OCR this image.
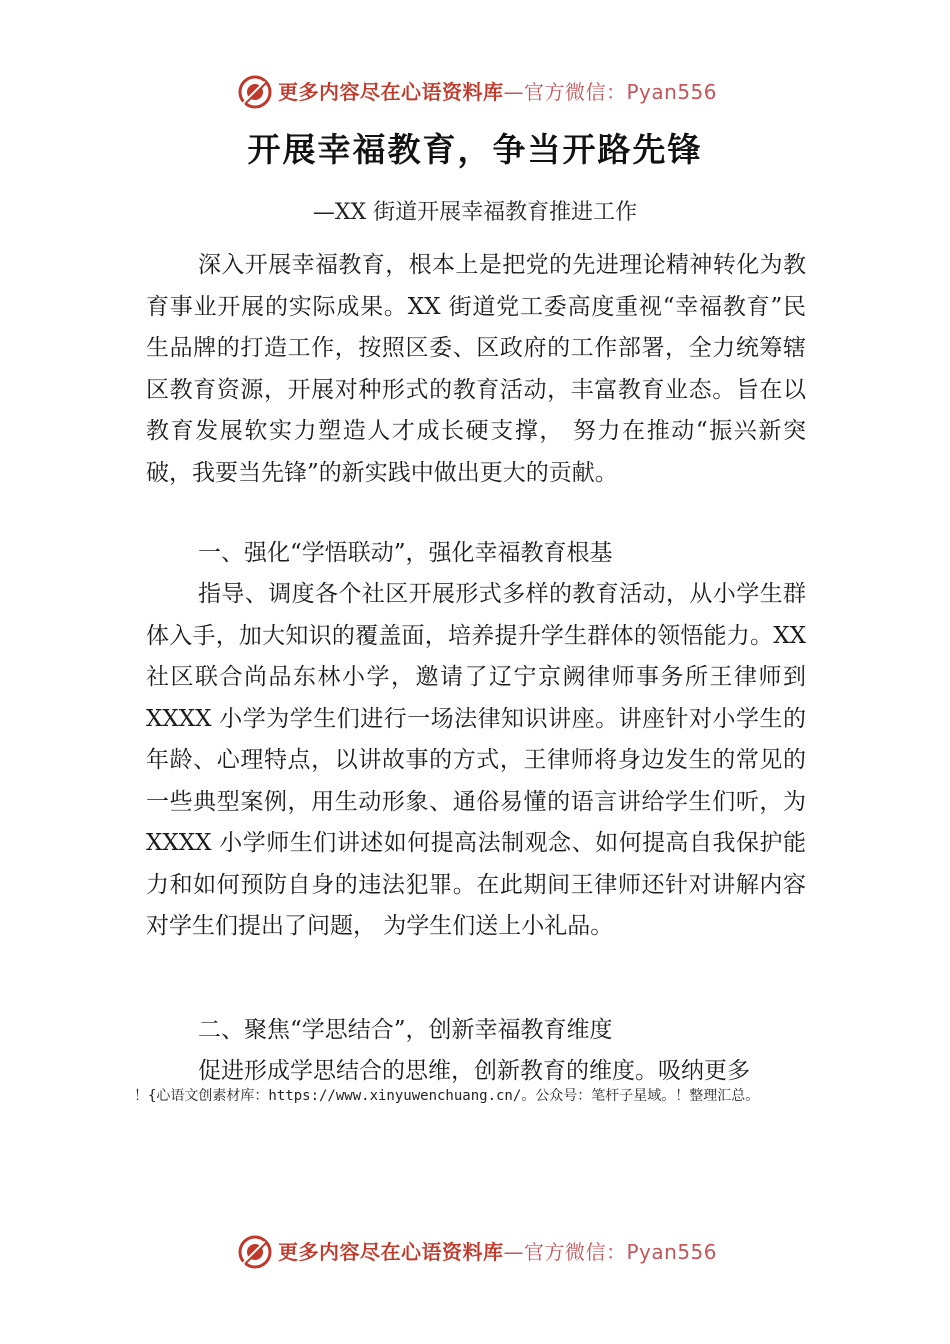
更多内容尽在心语资料库—官方微信：Pyan556
开展幸福教育，争当开路先锋
—XX 街道开展幸福教育推进工作

深入开展幸福教育，根本上是把党的先进理论精神转化为教育事业开展的实际成果。XX 街道党工委高度重视“幸福教育”民生品牌的打造工作，按照区委、区政府的工作部署，全力统筹辖区教育资源，开展对种形式的教育活动，丰富教育业态。旨在以教育发展软实力塑造人才成长硬支撑， 努力在推动“振兴新突破，我要当先锋”的新实践中做出更大的贡献。

一、强化“学悟联动”，强化幸福教育根基

指导、调度各个社区开展形式多样的教育活动，从小学生群体入手，加大知识的覆盖面，培养提升学生群体的领悟能力。XX 社区联合尚品东林小学，邀请了辽宁京阙律师事务所王律师到 XXXX 小学为学生们进行一场法律知识讲座。讲座针对小学生的年龄、心理特点，以讲故事的方式，王律师将身边发生的常见的一些典型案例，用生动形象、通俗易懂的语言讲给学生们听，为 XXXX 小学师生们讲述如何提高法制观念、如何提高自我保护能力和如何预防自身的违法犯罪。在此期间王律师还针对讲解内容对学生们提出了问题， 为学生们送上小礼品。

二、聚焦“学思结合”，创新幸福教育维度

促进形成学思结合的思维，创新教育的维度。吸纳更多

！{心语文创素材库：https://www.xinyuwenchuang.cn/。公众号：笔杆子星域。！整理汇总。
更多内容尽在心语资料库—官方微信：Pyan556
